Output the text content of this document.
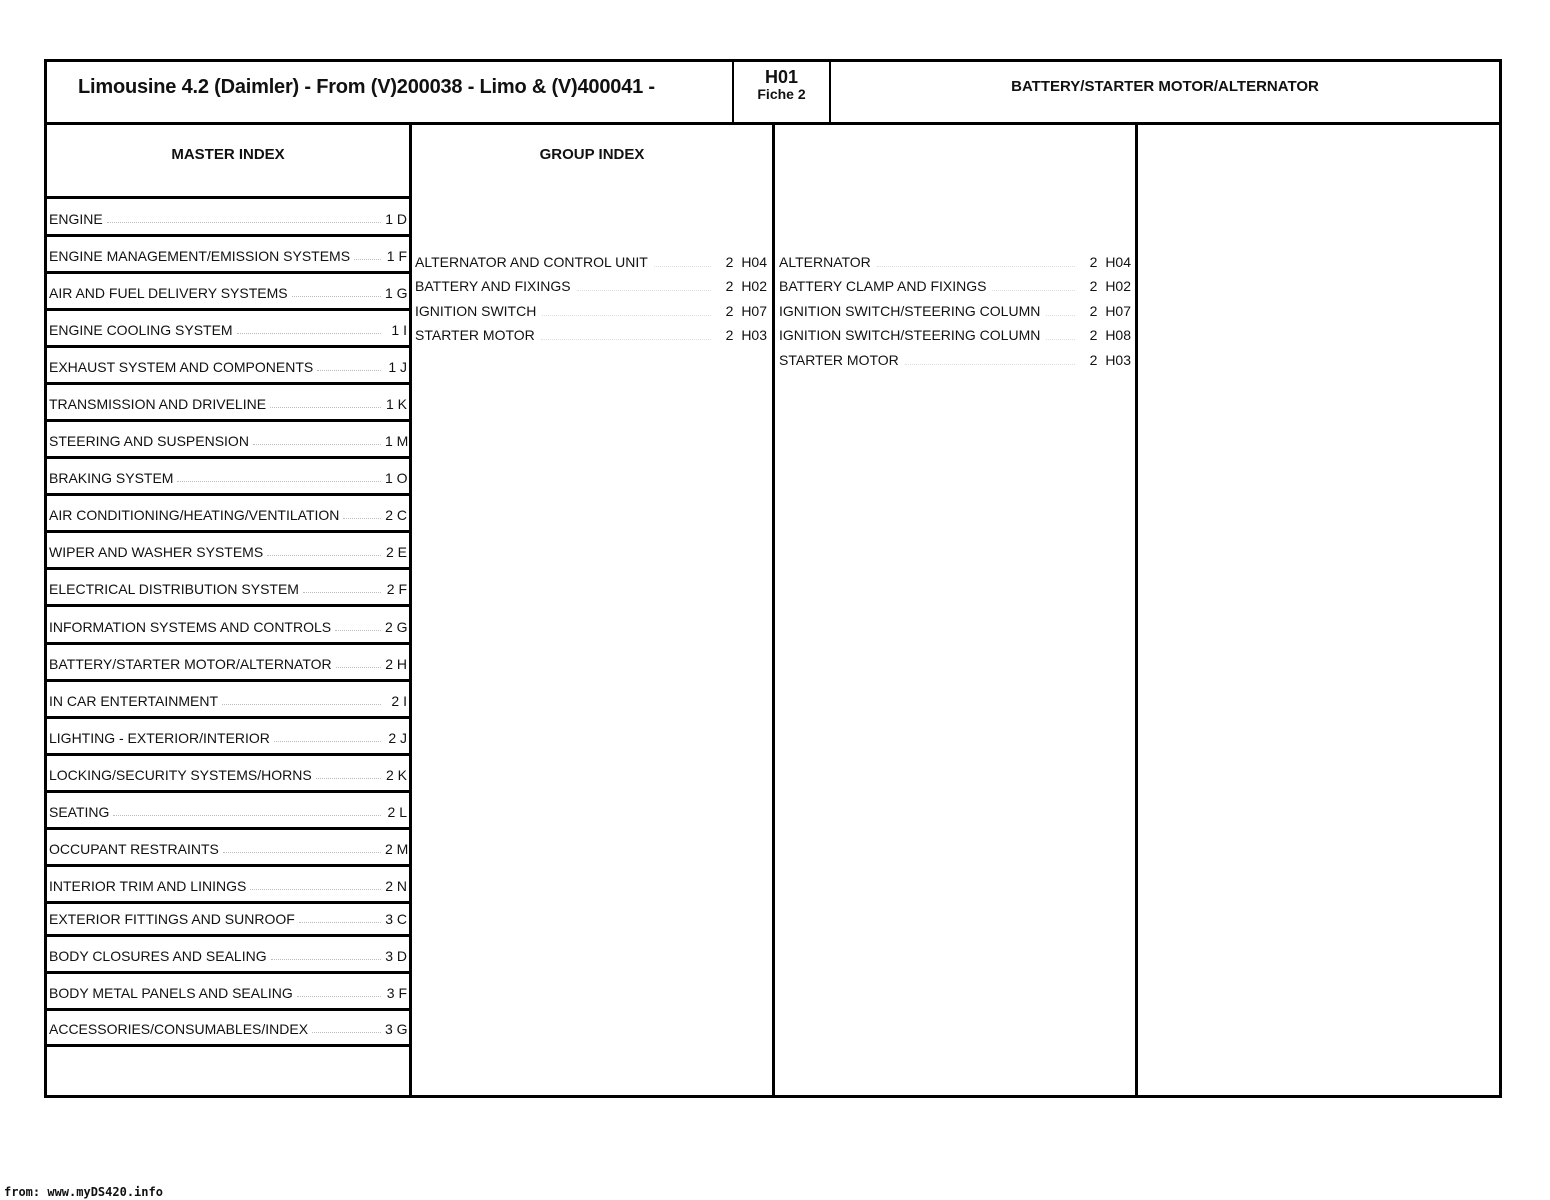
Limousine 4.2 (Daimler) - From (V)200038 - Limo & (V)400041 -	H01
Fiche 2	BATTERY/STARTER MOTOR/ALTERNATOR
MASTER INDEX	GROUP INDEX
ENGINE	1 D
ENGINE MANAGEMENT/EMISSION SYSTEMS	1 F
AIR AND FUEL DELIVERY SYSTEMS	1 G
ENGINE COOLING SYSTEM	1 I
EXHAUST SYSTEM AND COMPONENTS	1 J
TRANSMISSION AND DRIVELINE	1 K
STEERING AND SUSPENSION	1 M
BRAKING SYSTEM	1 O
AIR CONDITIONING/HEATING/VENTILATION	2 C
WIPER AND WASHER SYSTEMS	2 E
ELECTRICAL DISTRIBUTION SYSTEM	2 F
INFORMATION SYSTEMS AND CONTROLS	2 G
BATTERY/STARTER MOTOR/ALTERNATOR	2 H
IN CAR ENTERTAINMENT	2 I
LIGHTING - EXTERIOR/INTERIOR	2 J
LOCKING/SECURITY SYSTEMS/HORNS	2 K
SEATING	2 L
OCCUPANT RESTRAINTS	2 M
INTERIOR TRIM AND LININGS	2 N
EXTERIOR FITTINGS AND SUNROOF	3 C
BODY CLOSURES AND SEALING	3 D
BODY METAL PANELS AND SEALING	3 F
ACCESSORIES/CONSUMABLES/INDEX	3 G
ALTERNATOR AND CONTROL UNIT	2 H04
BATTERY AND FIXINGS	2 H02
IGNITION SWITCH	2 H07
STARTER MOTOR	2 H03
ALTERNATOR	2 H04
BATTERY CLAMP AND FIXINGS	2 H02
IGNITION SWITCH/STEERING COLUMN	2 H07
IGNITION SWITCH/STEERING COLUMN	2 H08
STARTER MOTOR	2 H03
from: www.myDS420.info
